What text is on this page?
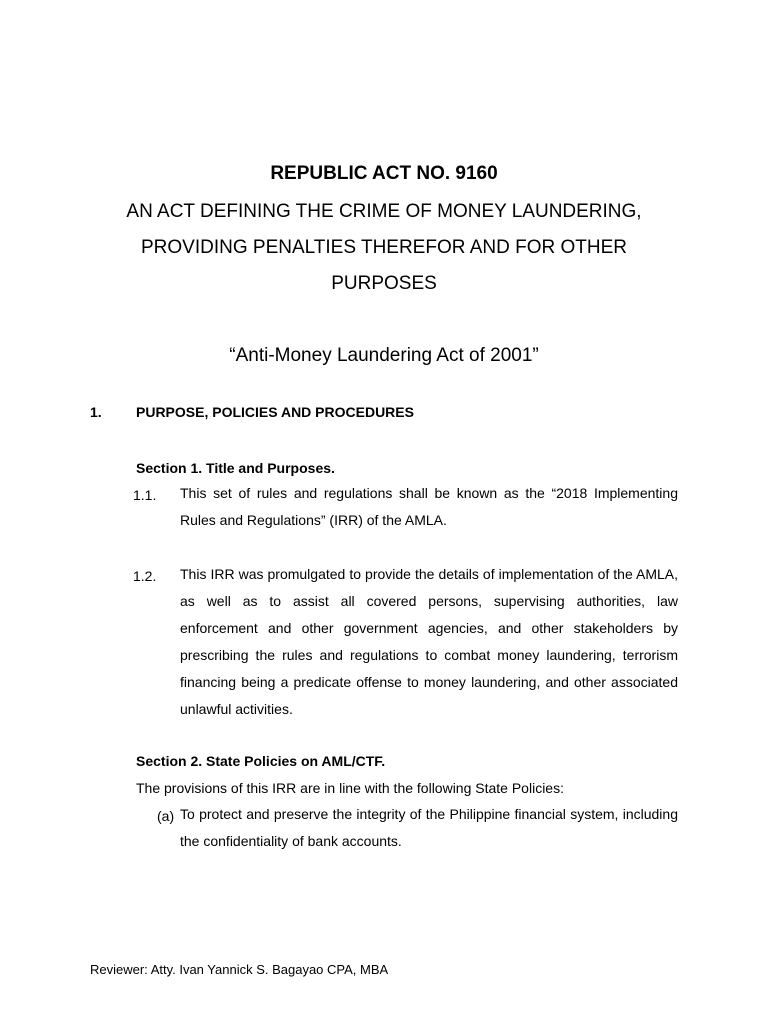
REPUBLIC ACT NO. 9160

AN ACT DEFINING THE CRIME OF MONEY LAUNDERING,

PROVIDING PENALTIES THEREFOR AND FOR OTHER

PURPOSES

“Anti-Money Laundering Act of 2001”

1. PURPOSE, POLICIES AND PROCEDURES
Section 1. Title and Purposes.
1.1. This set of rules and regulations shall be known as the “2018 Implementing Rules and Regulations” (IRR) of the AMLA.
1.2. This IRR was promulgated to provide the details of implementation of the AMLA, as well as to assist all covered persons, supervising authorities, law enforcement and other government agencies, and other stakeholders by prescribing the rules and regulations to combat money laundering, terrorism financing being a predicate offense to money laundering, and other associated unlawful activities.
Section 2. State Policies on AML/CTF.
The provisions of this IRR are in line with the following State Policies:
(a) To protect and preserve the integrity of the Philippine financial system, including the confidentiality of bank accounts.
Reviewer: Atty. Ivan Yannick S. Bagayao CPA, MBA
